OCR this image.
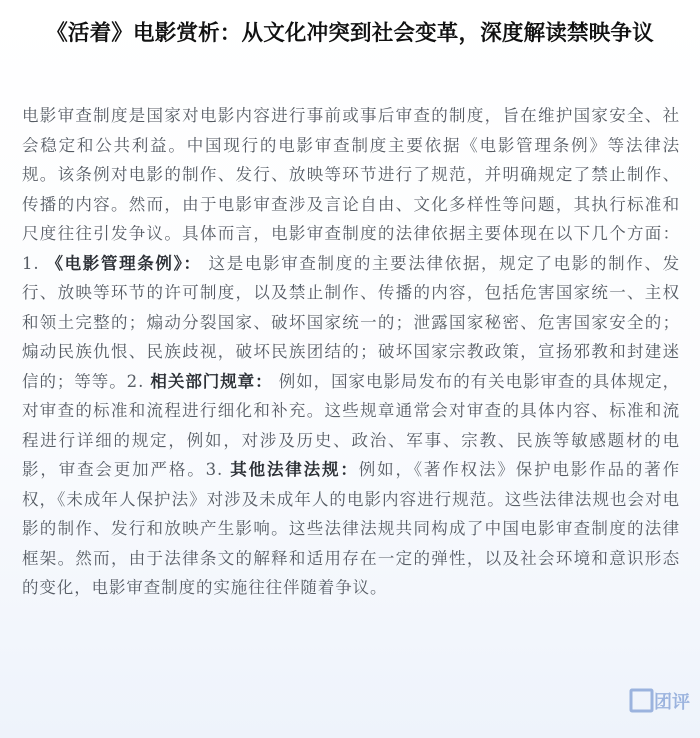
《活着》电影赏析：从文化冲突到社会变革，深度解读禁映争议

电影审查制度是国家对电影内容进行事前或事后审查的制度，旨在维护国家安全、社会稳定和公共利益。中国现行的电影审查制度主要依据《电影管理条例》等法律法规。该条例对电影的制作、发行、放映等环节进行了规范，并明确规定了禁止制作、传播的内容。然而，由于电影审查涉及言论自由、文化多样性等问题，其执行标准和尺度往往引发争议。具体而言，电影审查制度的法律依据主要体现在以下几个方面：1. 《电影管理条例》： 这是电影审查制度的主要法律依据，规定了电影的制作、发行、放映等环节的许可制度，以及禁止制作、传播的内容，包括危害国家统一、主权和领土完整的；煽动分裂国家、破坏国家统一的；泄露国家秘密、危害国家安全的；煽动民族仇恨、民族歧视，破坏民族团结的；破坏国家宗教政策，宣扬邪教和封建迷信的；等等。2. 相关部门规章： 例如，国家电影局发布的有关电影审查的具体规定，对审查的标准和流程进行细化和补充。这些规章通常会对审查的具体内容、标准和流程进行详细的规定，例如，对涉及历史、政治、军事、宗教、民族等敏感题材的电影，审查会更加严格。3. 其他法律法规：例如，《著作权法》保护电影作品的著作权，《未成年人保护法》对涉及未成年人的电影内容进行规范。这些法律法规也会对电影的制作、发行和放映产生影响。这些法律法规共同构成了中国电影审查制度的法律框架。然而，由于法律条文的解释和适用存在一定的弹性，以及社会环境和意识形态的变化，电影审查制度的实施往往伴随着争议。

团评
